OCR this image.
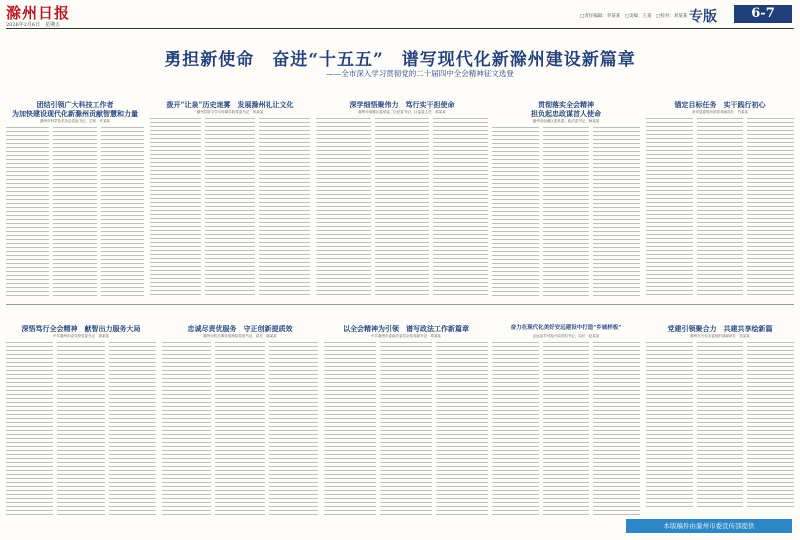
滁州日报
2026年2月6日　星期五
□责任编辑：李某某　□美编：王某　□校对：刘某某 专版	6-7
勇担新使命　奋进“十五五”　谱写现代化新滁州建设新篇章
——全市深入学习贯彻党的二十届四中全会精神征文选登
团结引领广大科技工作者
为加快建设现代化新滁州贡献智慧和力量
滁州市科学技术协会党组书记、主席　许某某
拨开“让泉”历史迷雾　发展滁州礼让文化
滁州学院文学与传媒学院党委书记　孙某某
深学细悟聚伟力　笃行实干担使命
滁州市琅琊区委常委、区纪委书记、区监委主任　郭某某
贯彻落实全会精神
担负起忠政谋首人使命
滁州市南谯区委常委、政法委书记　杨某某
锚定目标任务　实干践行初心
来安县委组织部常务副部长　吕某某
深悟笃行全会精神　献智出力服务大局
中共滁州市委党校党委书记　高某某
忠诚尽责优服务　守正创新提质效
滁州市机关事务管理局党组书记、局长　陈某某
以全会精神为引领　谱写政法工作新篇章
中共滁州市委政法委员会常务副书记　周某某
奋力在现代化美好安远建设中打造“乡城样板”
定远县乡村振兴局党组书记、局长　赵某某
党建引领聚合力　共建共享绘新篇
滁州市天长市委组织部副部长　吴某某
本版稿件由滁州市委宣传部提供
